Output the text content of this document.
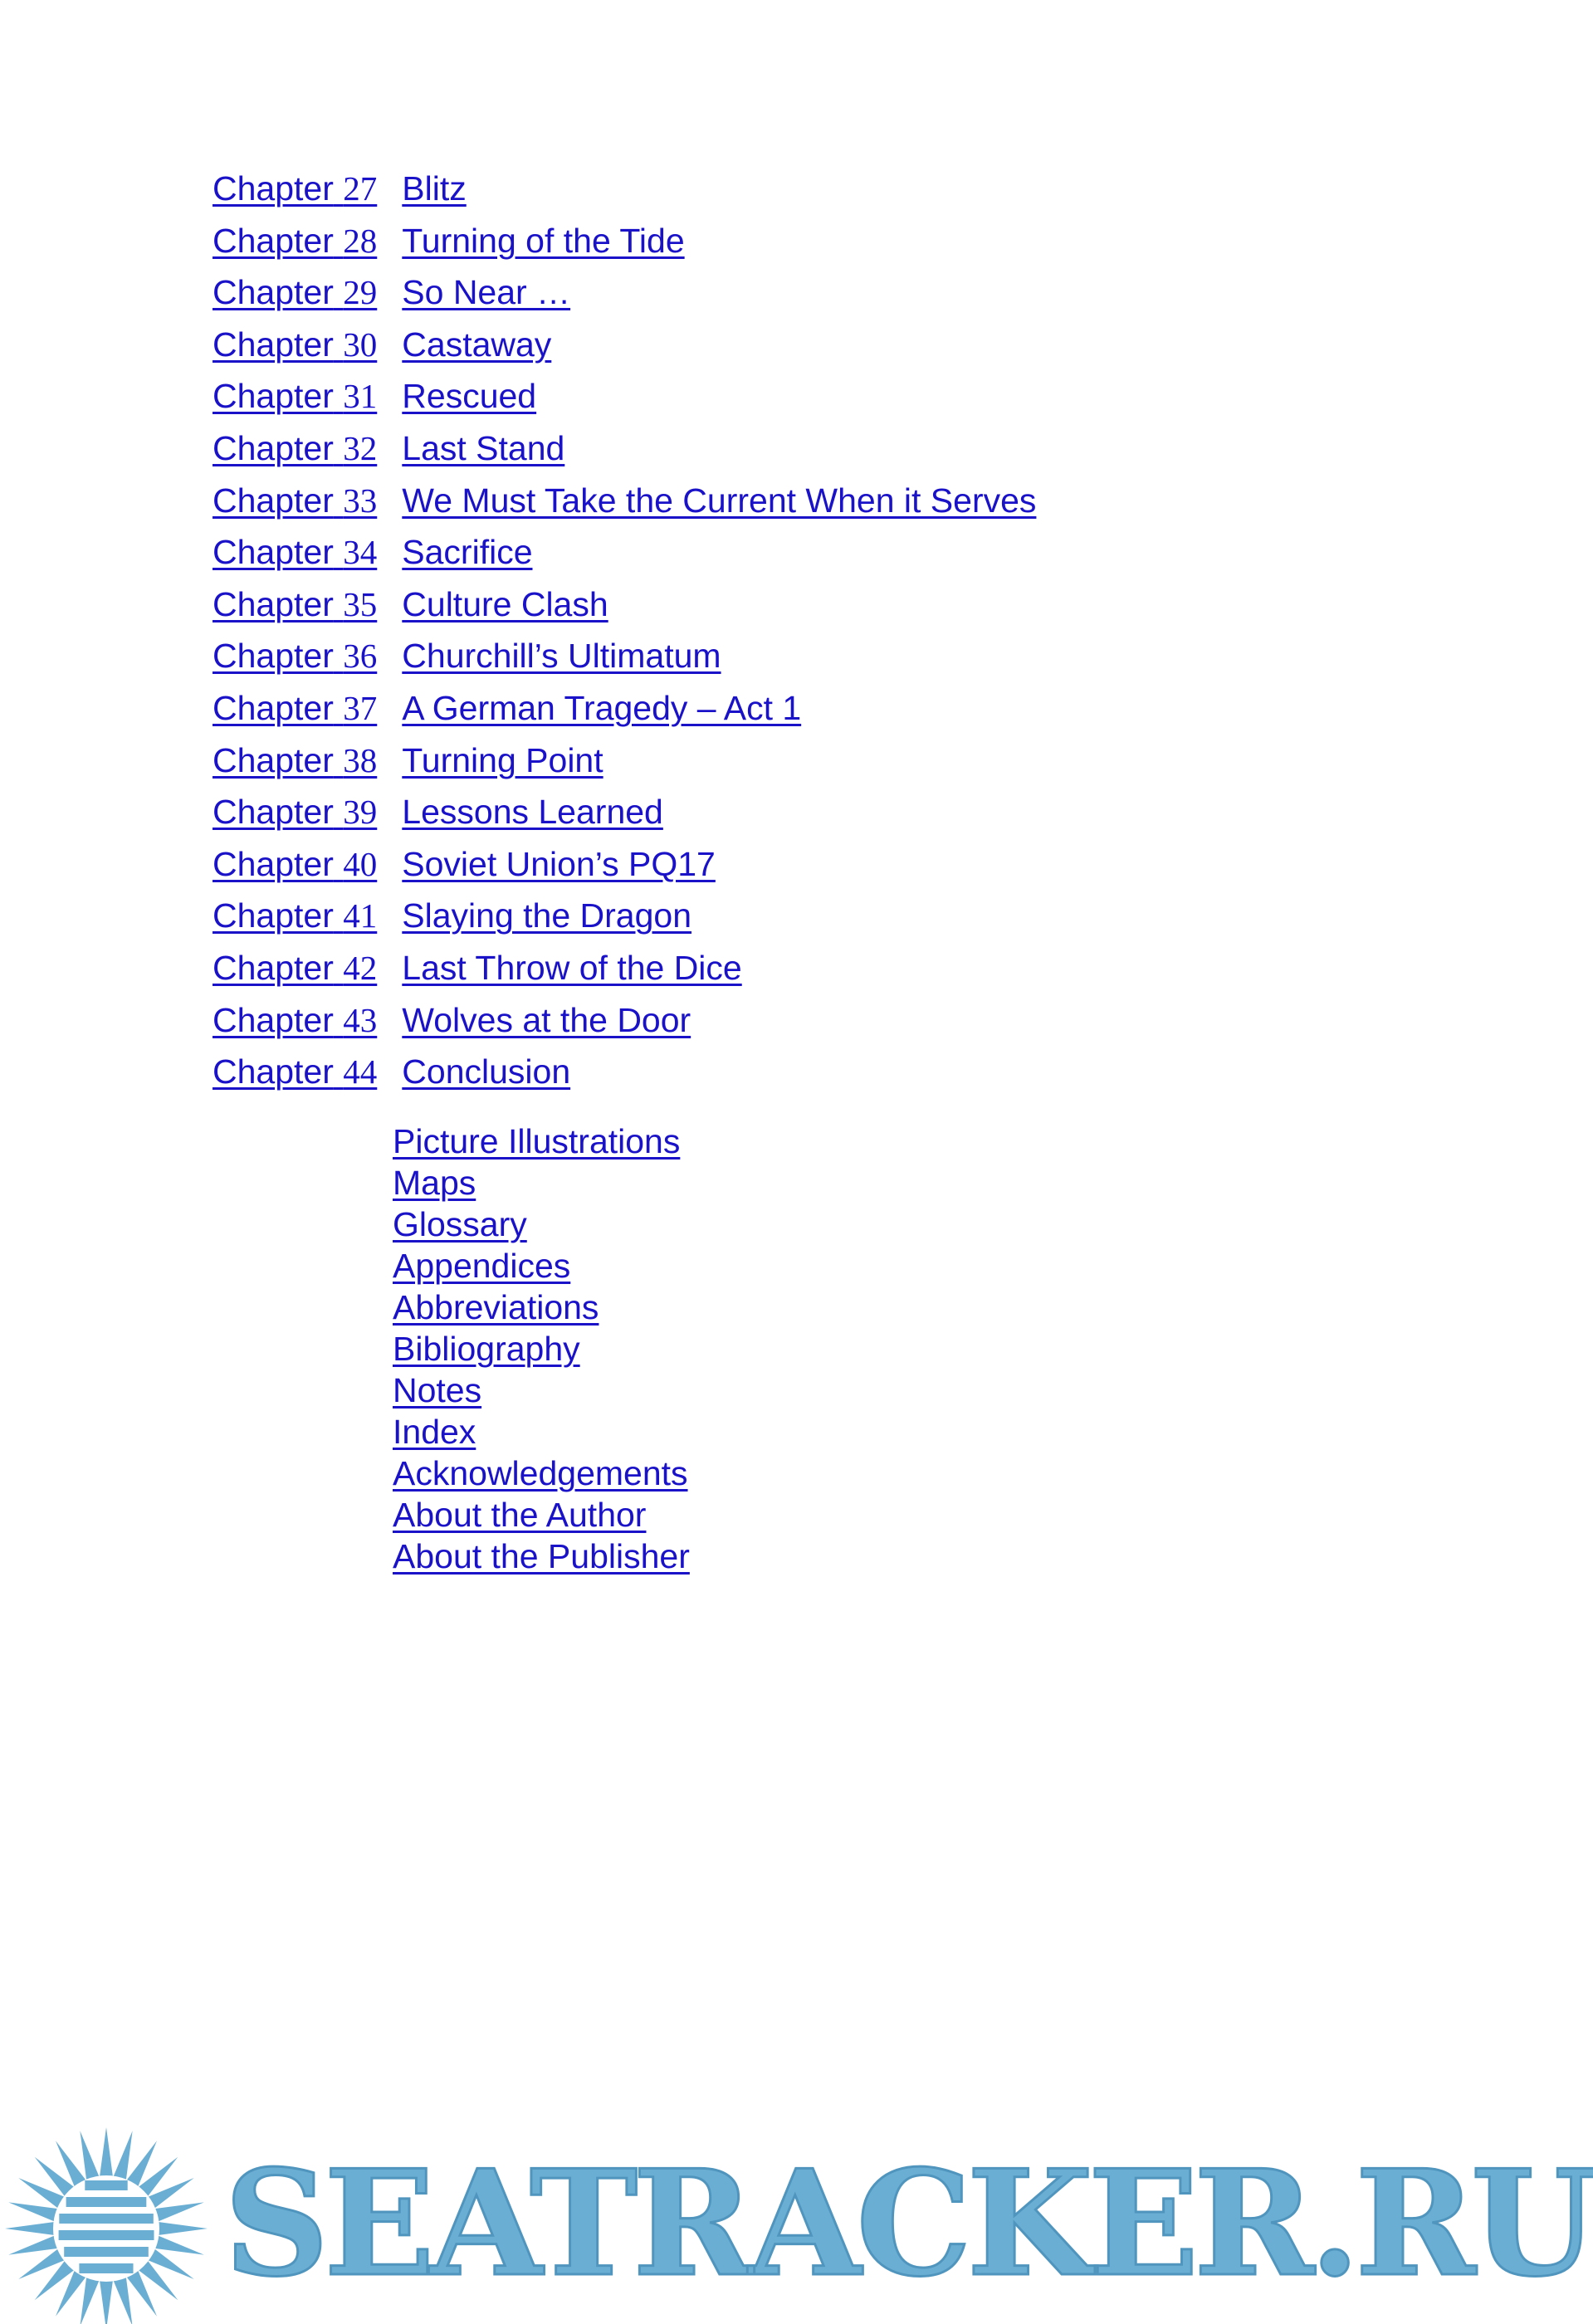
Chapter 27 Blitz
Chapter 28 Turning of the Tide
Chapter 29 So Near …
Chapter 30 Castaway
Chapter 31 Rescued
Chapter 32 Last Stand
Chapter 33 We Must Take the Current When it Serves
Chapter 34 Sacrifice
Chapter 35 Culture Clash
Chapter 36 Churchill’s Ultimatum
Chapter 37 A German Tragedy – Act 1
Chapter 38 Turning Point
Chapter 39 Lessons Learned
Chapter 40 Soviet Union’s PQ17
Chapter 41 Slaying the Dragon
Chapter 42 Last Throw of the Dice
Chapter 43 Wolves at the Door
Chapter 44 Conclusion
Picture Illustrations
Maps
Glossary
Appendices
Abbreviations
Bibliography
Notes
Index
Acknowledgements
About the Author
About the Publisher
SEATRACKER.RU
